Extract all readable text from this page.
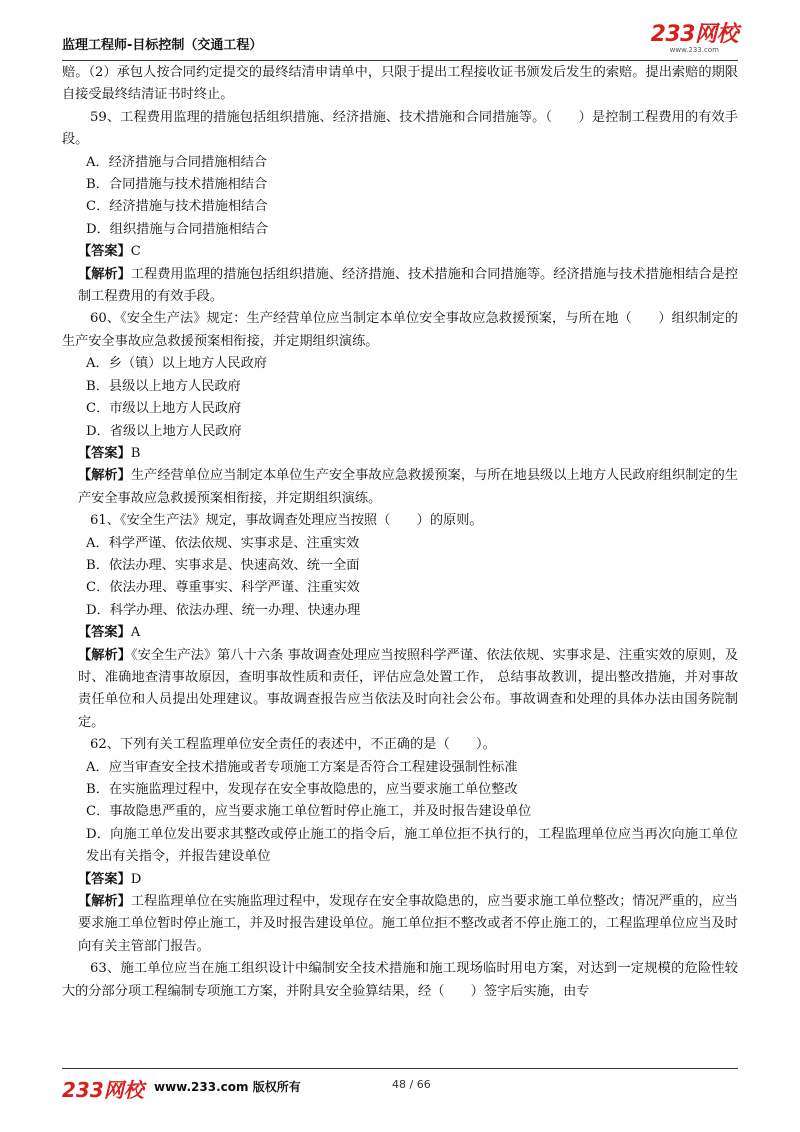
监理工程师-目标控制（交通工程）	233网校
www.233.com

赔。（2）承包人按合同约定提交的最终结清申请单中，只限于提出工程接收证书颁发后发生的索赔。提出索赔的期限自接受最终结清证书时终止。

59、工程费用监理的措施包括组织措施、经济措施、技术措施和合同措施等。（　　）是控制工程费用的有效手段。

A．经济措施与合同措施相结合

B．合同措施与技术措施相结合

C．经济措施与技术措施相结合

D．组织措施与合同措施相结合

【答案】C

【解析】工程费用监理的措施包括组织措施、经济措施、技术措施和合同措施等。经济措施与技术措施相结合是控制工程费用的有效手段。

60、《安全生产法》规定：生产经营单位应当制定本单位安全事故应急救援预案，与所在地（　　）组织制定的生产安全事故应急救援预案相衔接，并定期组织演练。

A．乡（镇）以上地方人民政府

B．县级以上地方人民政府

C．市级以上地方人民政府

D．省级以上地方人民政府

【答案】B

【解析】生产经营单位应当制定本单位生产安全事故应急救援预案，与所在地县级以上地方人民政府组织制定的生产安全事故应急救援预案相衔接，并定期组织演练。

61、《安全生产法》规定，事故调查处理应当按照（　　）的原则。

A．科学严谨、依法依规、实事求是、注重实效

B．依法办理、实事求是、快速高效、统一全面

C．依法办理、尊重事实、科学严谨、注重实效

D．科学办理、依法办理、统一办理、快速办理

【答案】A

【解析】《安全生产法》第八十六条 事故调查处理应当按照科学严谨、依法依规、实事求是、注重实效的原则，及时、准确地查清事故原因，查明事故性质和责任，评估应急处置工作， 总结事故教训，提出整改措施，并对事故责任单位和人员提出处理建议。事故调查报告应当依法及时向社会公布。事故调查和处理的具体办法由国务院制定。

62、下列有关工程监理单位安全责任的表述中，不正确的是（　　）。

A．应当审查安全技术措施或者专项施工方案是否符合工程建设强制性标准

B．在实施监理过程中，发现存在安全事故隐患的，应当要求施工单位整改

C．事故隐患严重的，应当要求施工单位暂时停止施工，并及时报告建设单位

D．向施工单位发出要求其整改或停止施工的指令后，施工单位拒不执行的，工程监理单位应当再次向施工单位发出有关指令，并报告建设单位

【答案】D

【解析】工程监理单位在实施监理过程中，发现存在安全事故隐患的，应当要求施工单位整改；情况严重的，应当要求施工单位暂时停止施工，并及时报告建设单位。施工单位拒不整改或者不停止施工的，工程监理单位应当及时向有关主管部门报告。

63、施工单位应当在施工组织设计中编制安全技术措施和施工现场临时用电方案，对达到一定规模的危险性较大的分部分项工程编制专项施工方案，并附具安全验算结果，经（　　）签字后实施，由专

233网校 www.233.com 版权所有	48 / 66
